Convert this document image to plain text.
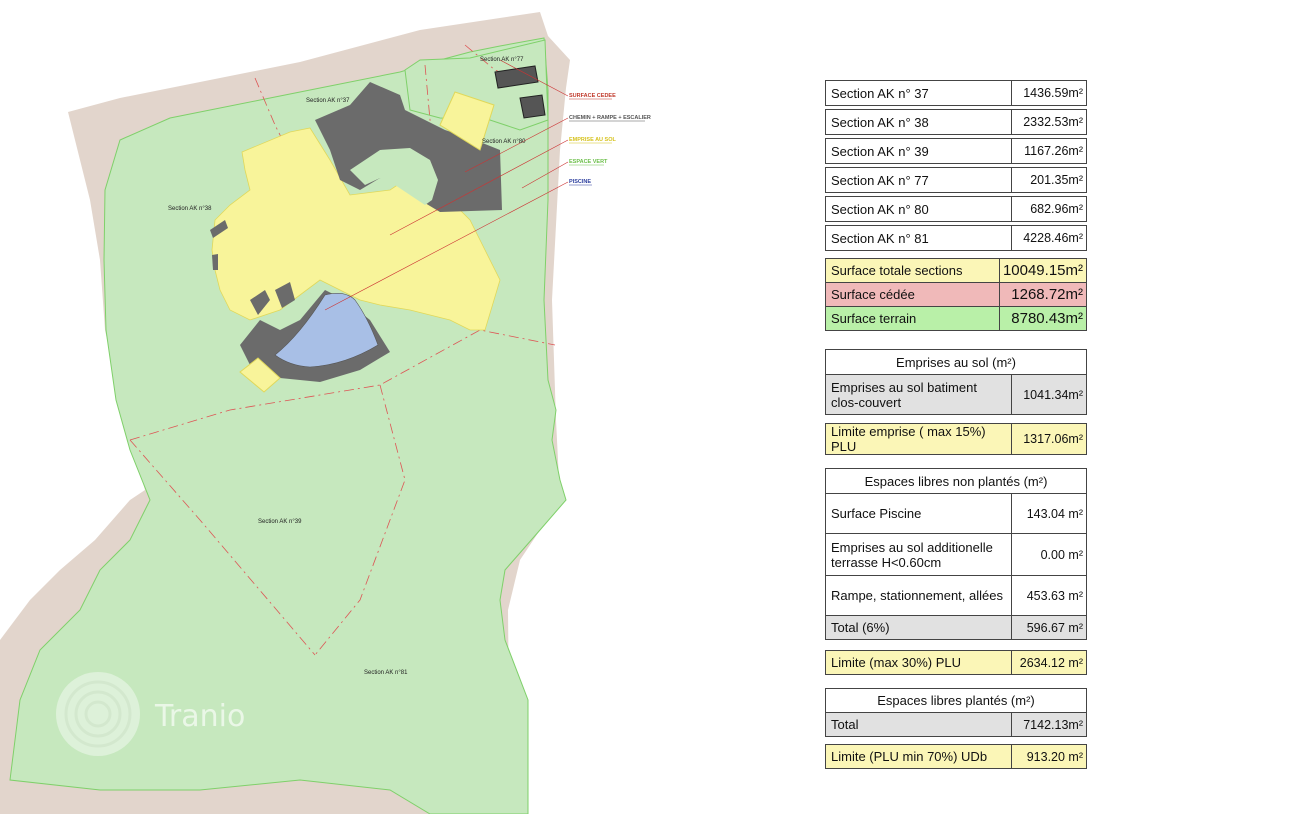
Section AK n°77
Section AK n°37
Section AK n°80
Section AK n°38
Section AK n°39
Section AK n°81
SURFACE CEDEE
CHEMIN + RAMPE + ESCALIER
EMPRISE AU SOL
ESPACE VERT
PISCINE
Tranio
Section AK n° 37	1436.59m²
Section AK n° 38	2332.53m²
Section AK n° 39	1167.26m²
Section AK n° 77	201.35m²
Section AK n° 80	682.96m²
Section AK n° 81	4228.46m²
Surface totale sections	10049.15m²
Surface cédée	1268.72m²
Surface terrain	8780.43m²
Emprises au sol (m²)
Emprises au sol batiment clos-couvert	1041.34m²
Limite emprise ( max 15%) PLU	1317.06m²
Espaces libres non plantés (m²)	
Surface Piscine	143.04 m²
Emprises au sol additionelle terrasse H<0.60cm	0.00 m²
Rampe, stationnement, allées	453.63 m²
Total (6%)	596.67 m²
Limite (max 30%) PLU	2634.12 m²
Espaces libres plantés (m²)
Total	7142.13m²
Limite (PLU min 70%) UDb	913.20 m²
